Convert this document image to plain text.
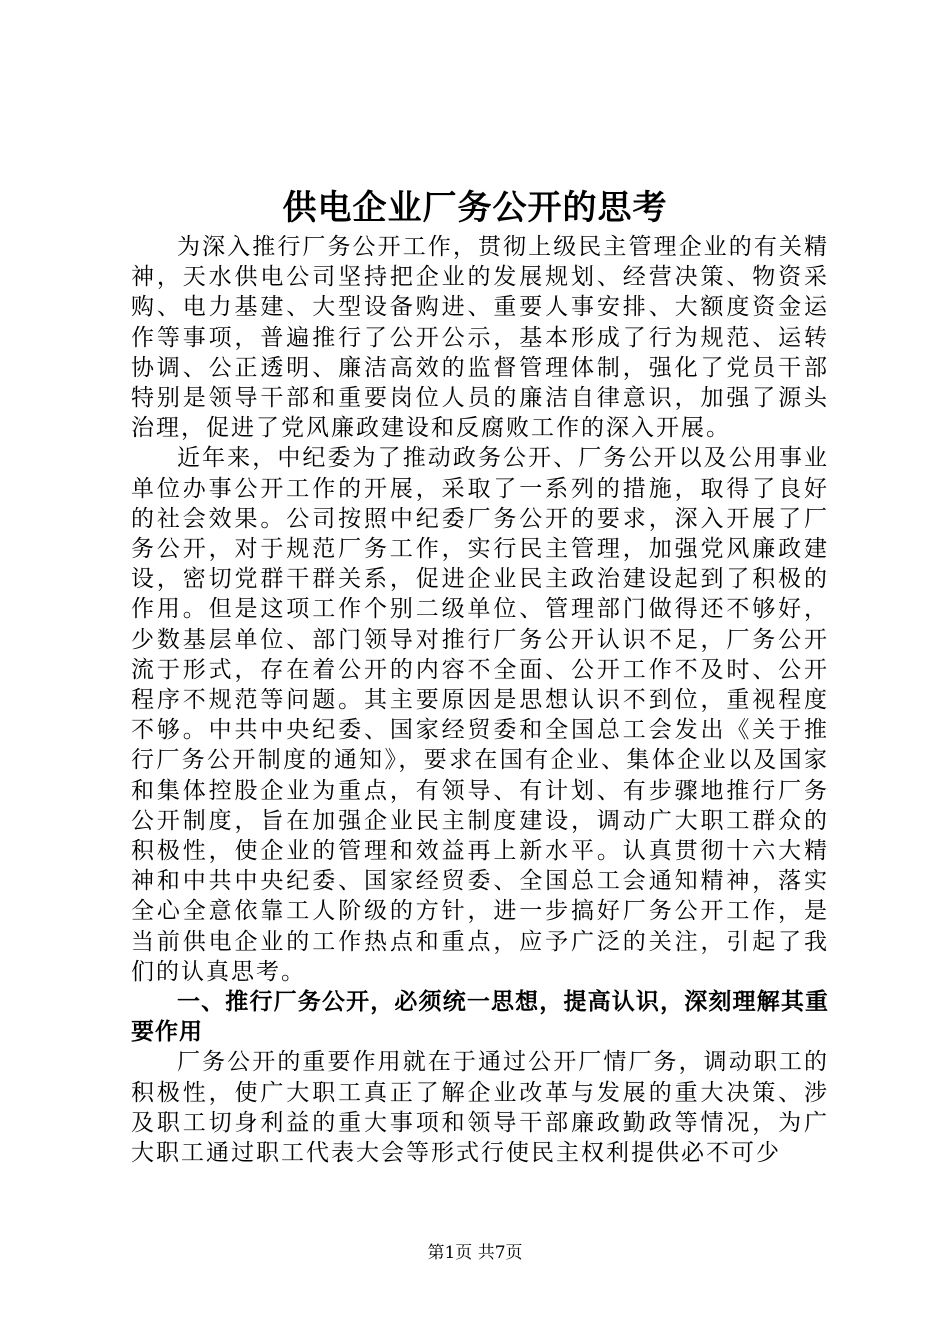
供电企业厂务公开的思考

为深入推行厂务公开工作，贯彻上级民主管理企业的有关精神，天水供电公司坚持把企业的发展规划、经营决策、物资采购、电力基建、大型设备购进、重要人事安排、大额度资金运作等事项，普遍推行了公开公示，基本形成了行为规范、运转协调、公正透明、廉洁高效的监督管理体制，强化了党员干部特别是领导干部和重要岗位人员的廉洁自律意识，加强了源头治理，促进了党风廉政建设和反腐败工作的深入开展。

近年来，中纪委为了推动政务公开、厂务公开以及公用事业单位办事公开工作的开展，采取了一系列的措施，取得了良好的社会效果。公司按照中纪委厂务公开的要求，深入开展了厂务公开，对于规范厂务工作，实行民主管理，加强党风廉政建设，密切党群干群关系，促进企业民主政治建设起到了积极的作用。但是这项工作个别二级单位、管理部门做得还不够好，少数基层单位、部门领导对推行厂务公开认识不足，厂务公开流于形式，存在着公开的内容不全面、公开工作不及时、公开程序不规范等问题。其主要原因是思想认识不到位，重视程度不够。中共中央纪委、国家经贸委和全国总工会发出《关于推行厂务公开制度的通知》，要求在国有企业、集体企业以及国家和集体控股企业为重点，有领导、有计划、有步骤地推行厂务公开制度，旨在加强企业民主制度建设，调动广大职工群众的积极性，使企业的管理和效益再上新水平。认真贯彻十六大精神和中共中央纪委、国家经贸委、全国总工会通知精神，落实全心全意依靠工人阶级的方针，进一步搞好厂务公开工作，是当前供电企业的工作热点和重点，应予广泛的关注，引起了我们的认真思考。

一、推行厂务公开，必须统一思想，提高认识，深刻理解其重要作用

厂务公开的重要作用就在于通过公开厂情厂务，调动职工的积极性，使广大职工真正了解企业改革与发展的重大决策、涉及职工切身利益的重大事项和领导干部廉政勤政等情况，为广大职工通过职工代表大会等形式行使民主权利提供必不可少

第1页 共7页
